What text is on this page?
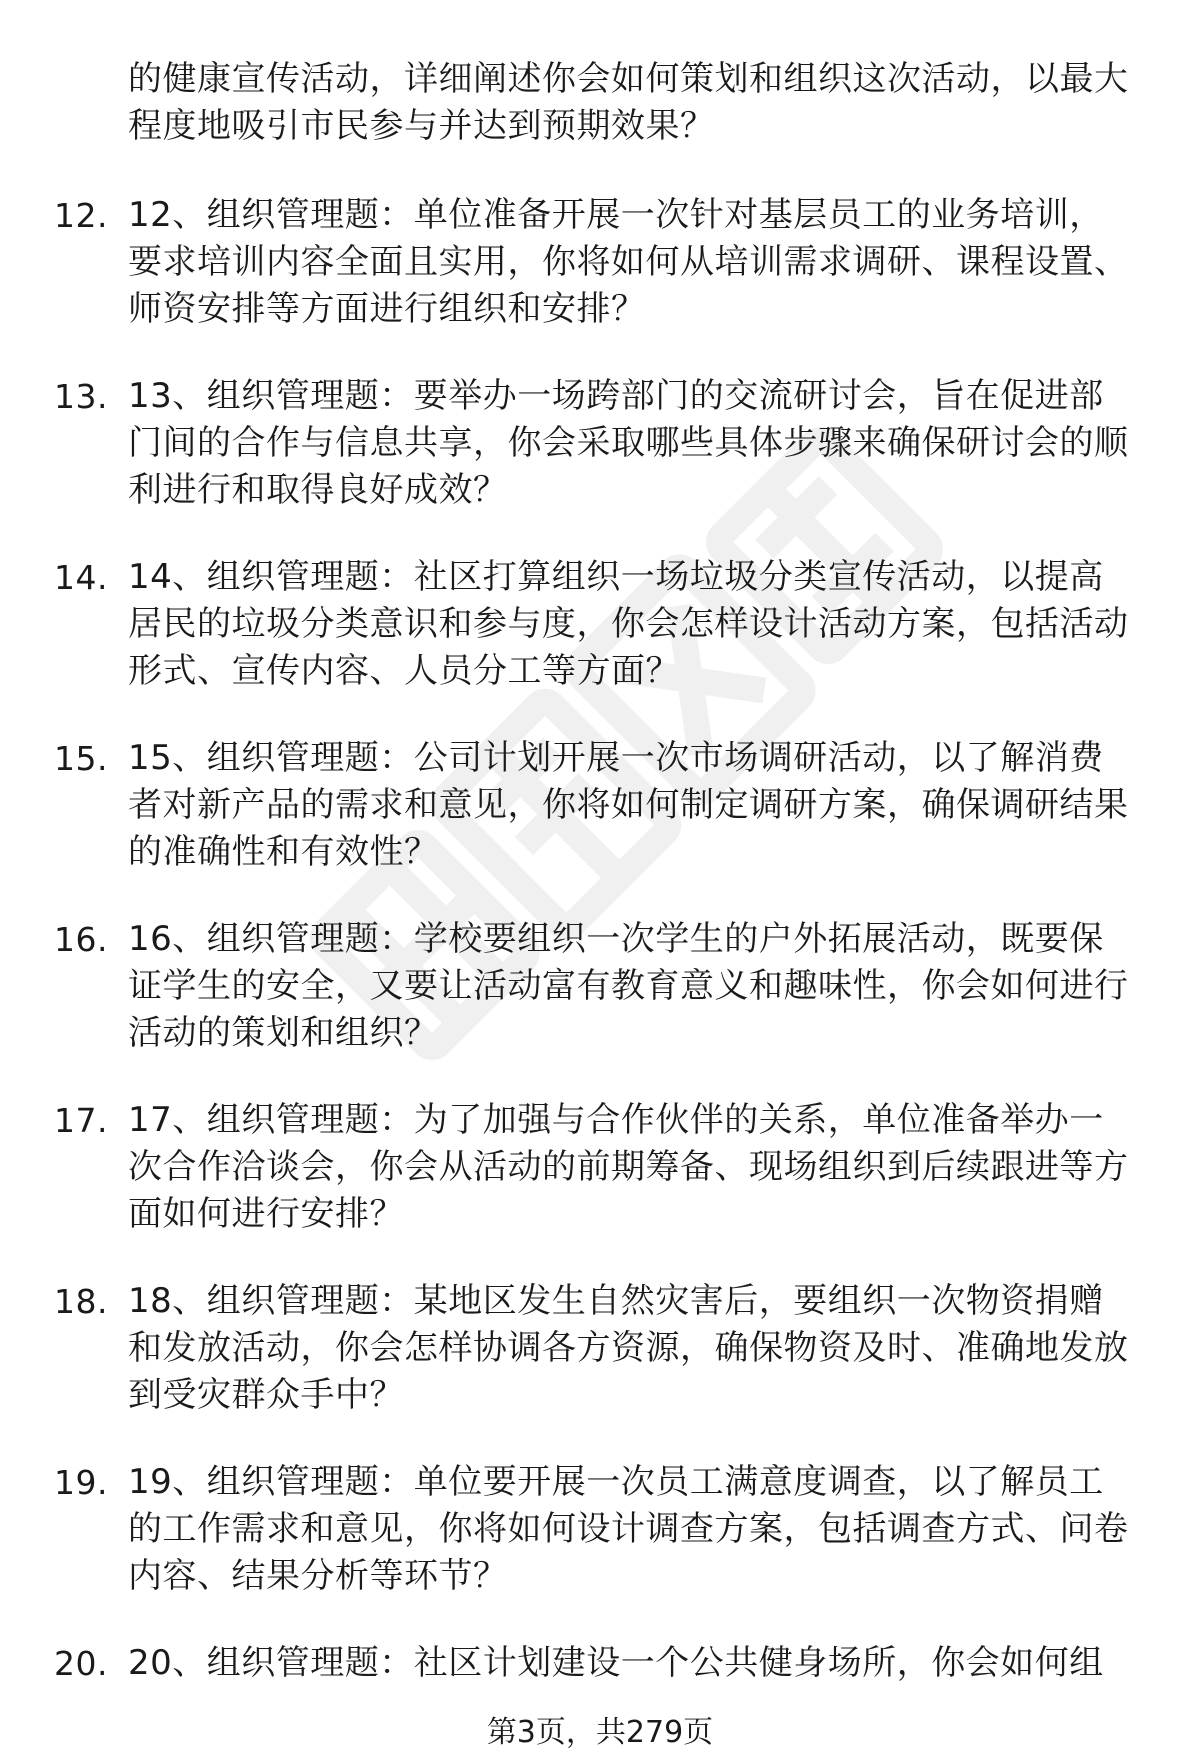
的健康宣传活动，详细阐述你会如何策划和组织这次活动，以最大程度地吸引市民参与并达到预期效果？
12. 12、组织管理题：单位准备开展一次针对基层员工的业务培训，要求培训内容全面且实用，你将如何从培训需求调研、课程设置、师资安排等方面进行组织和安排？
13. 13、组织管理题：要举办一场跨部门的交流研讨会，旨在促进部门间的合作与信息共享，你会采取哪些具体步骤来确保研讨会的顺利进行和取得良好成效？
14. 14、组织管理题：社区打算组织一场垃圾分类宣传活动，以提高居民的垃圾分类意识和参与度，你会怎样设计活动方案，包括活动形式、宣传内容、人员分工等方面？
15. 15、组织管理题：公司计划开展一次市场调研活动，以了解消费者对新产品的需求和意见，你将如何制定调研方案，确保调研结果的准确性和有效性？
16. 16、组织管理题：学校要组织一次学生的户外拓展活动，既要保证学生的安全，又要让活动富有教育意义和趣味性，你会如何进行活动的策划和组织？
17. 17、组织管理题：为了加强与合作伙伴的关系，单位准备举办一次合作洽谈会，你会从活动的前期筹备、现场组织到后续跟进等方面如何进行安排？
18. 18、组织管理题：某地区发生自然灾害后，要组织一次物资捐赠和发放活动，你会怎样协调各方资源，确保物资及时、准确地发放到受灾群众手中？
19. 19、组织管理题：单位要开展一次员工满意度调查，以了解员工的工作需求和意见，你将如何设计调查方案，包括调查方式、问卷内容、结果分析等环节？
20. 20、组织管理题：社区计划建设一个公共健身场所，你会如何组
第3页，共279页
